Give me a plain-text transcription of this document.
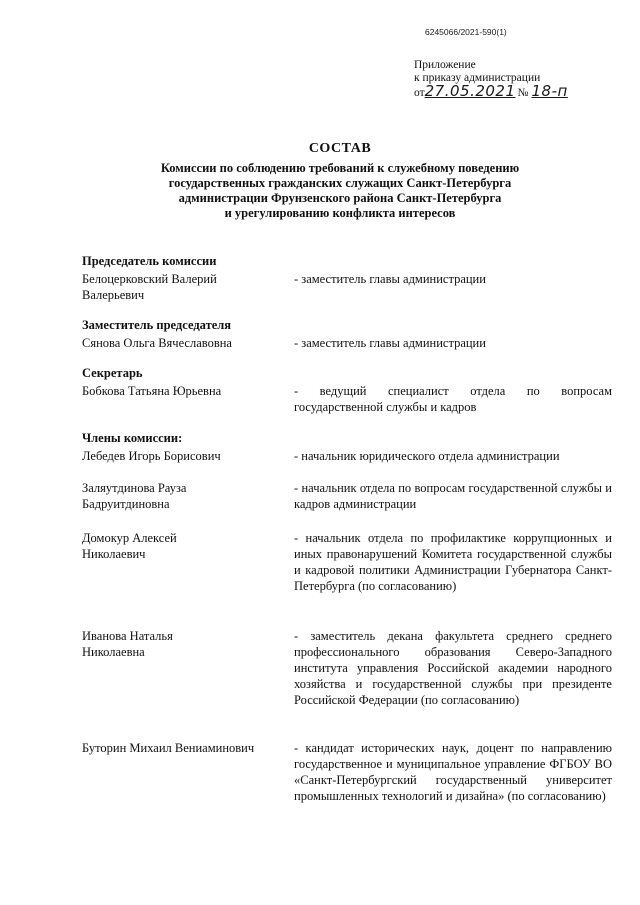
6245066/2021-590(1)
Приложение
к приказу администрации
от 27.05.2021 № 18-п
СОСТАВ
Комиссии по соблюдению требований к служебному поведению
государственных гражданских служащих Санкт-Петербурга
администрации Фрунзенского района Санкт-Петербурга
и урегулированию конфликта интересов
Председатель комиссии
Белоцерковский Валерий Валерьевич
- заместитель главы администрации
Заместитель председателя
Сянова Ольга Вячеславовна	- заместитель главы администрации
Секретарь
Бобкова Татьяна Юрьевна	- ведущий специалист отдела по вопросам государственной службы и кадров
Члены комиссии:
Лебедев Игорь Борисович	- начальник юридического отдела администрации
Заляутдинова Рауза Бадруитдиновна
- начальник отдела по вопросам государственной службы и кадров администрации
Домокур Алексей Николаевич
- начальник отдела по профилактике коррупционных и иных правонарушений Комитета государственной службы и кадровой политики Администрации Губернатора Санкт-Петербурга (по согласованию)
Иванова Наталья Николаевна
- заместитель декана факультета среднего среднего профессионального образования Северо-Западного института управления Российской академии народного хозяйства и государственной службы при президенте Российской Федерации (по согласованию)
Буторин Михаил Вениаминович	- кандидат исторических наук, доцент по направлению государственное и муниципальное управление ФГБОУ ВО «Санкт-Петербургский государственный университет промышленных технологий и дизайна» (по согласованию)
